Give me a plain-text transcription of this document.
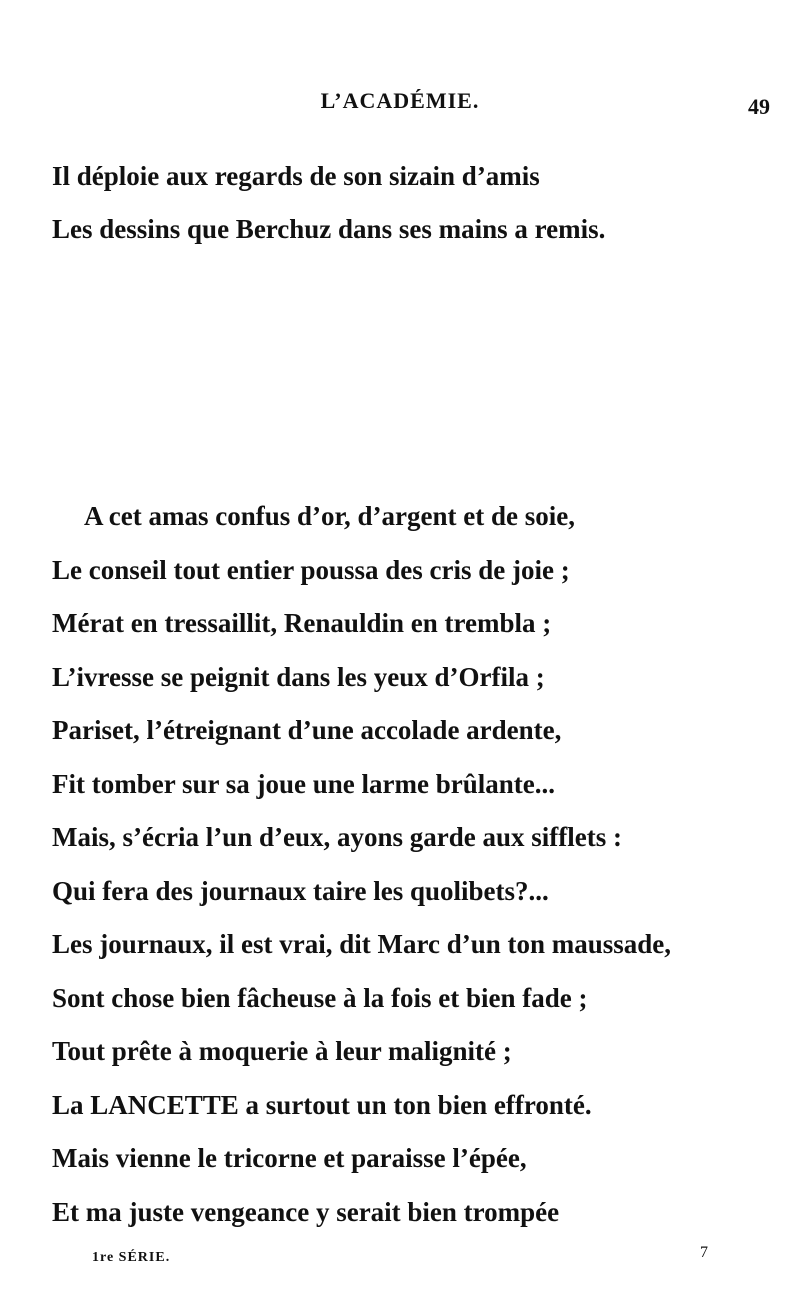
L’ACADÉMIE.	49
Il déploie aux regards de son sizain d’amis
Les dessins que Berchuz dans ses mains a remis.
A cet amas confus d’or, d’argent et de soie,
Le conseil tout entier poussa des cris de joie ;
Mérat en tressaillit, Renauldin en trembla ;
L’ivresse se peignit dans les yeux d’Orfila ;
Pariset, l’étreignant d’une accolade ardente,
Fit tomber sur sa joue une larme brûlante...
Mais, s’écria l’un d’eux, ayons garde aux sifflets :
Qui fera des journaux taire les quolibets?...
Les journaux, il est vrai, dit Marc d’un ton maussade,
Sont chose bien fâcheuse à la fois et bien fade ;
Tout prête à moquerie à leur malignité ;
La LANCETTE a surtout un ton bien effronté.
Mais vienne le tricorne et paraisse l’épée,
Et ma juste vengeance y serait bien trompée
1re SÉRIE.	7
